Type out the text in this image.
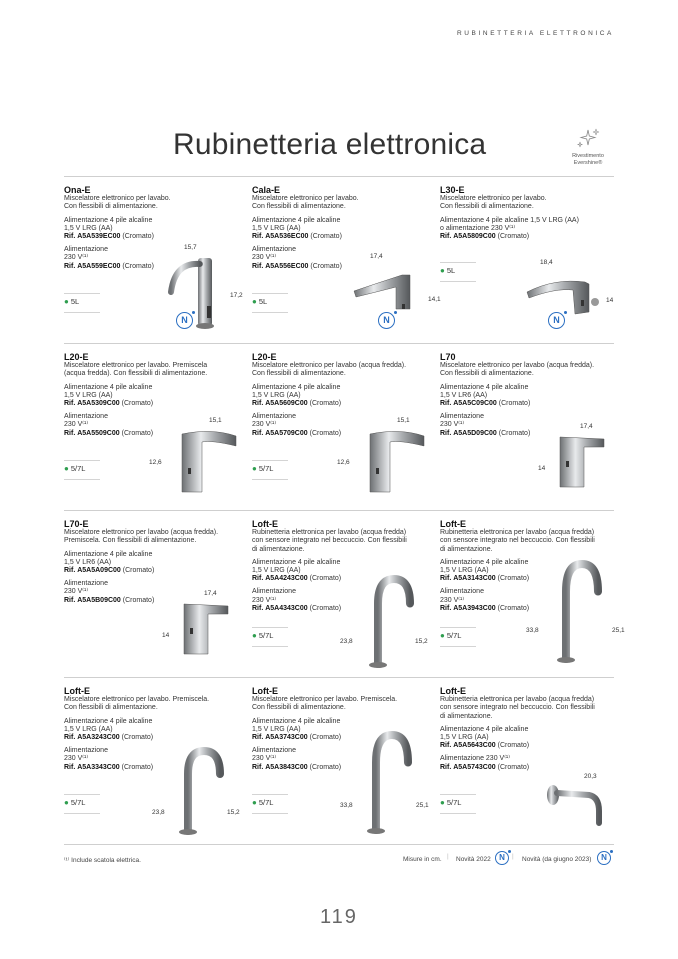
RUBINETTERIA ELETTRONICA
Rubinetteria elettronica	Rivestimento
Evershine®
Ona-E
Miscelatore elettronico per lavabo.
Con flessibili di alimentazione.
Alimentazione 4 pile alcaline
1,5 V LRG (AA)
Rif. A5A539EC00 (Cromato)
Alimentazione
230 V⁽¹⁾
Rif. A5A559EC00 (Cromato)
● 5L
15,7
17,2
N
Cala-E
Miscelatore elettronico per lavabo.
Con flessibili di alimentazione.
Alimentazione 4 pile alcaline
1,5 V LRG (AA)
Rif. A5A536EC00 (Cromato)
Alimentazione
230 V⁽¹⁾
Rif. A5A556EC00 (Cromato)
● 5L
17,4
14,1
N
L30-E
Miscelatore elettronico per lavabo.
Con flessibili di alimentazione.
Alimentazione 4 pile alcaline 1,5 V LRG (AA)
o alimentazione 230 V⁽¹⁾
Rif. A5A5809C00 (Cromato)
● 5L
18,4
14
N
L20-E
Miscelatore elettronico per lavabo. Premiscela
(acqua fredda). Con flessibili di alimentazione.
Alimentazione 4 pile alcaline
1,5 V LRG (AA)
Rif. A5A5309C00 (Cromato)
Alimentazione
230 V⁽¹⁾
Rif. A5A5509C00 (Cromato)
● 5/7L
15,1
12,6
L20-E
Miscelatore elettronico per lavabo (acqua fredda).
Con flessibili di alimentazione.
Alimentazione 4 pile alcaline
1,5 V LRG (AA)
Rif. A5A5609C00 (Cromato)
Alimentazione
230 V⁽¹⁾
Rif. A5A5709C00 (Cromato)
● 5/7L
15,1
12,6
L70
Miscelatore elettronico per lavabo (acqua fredda).
Con flessibili di alimentazione.
Alimentazione 4 pile alcaline
1,5 V LR6 (AA)
Rif. A5A5C09C00 (Cromato)
Alimentazione
230 V⁽¹⁾
Rif. A5A5D09C00 (Cromato)
17,4
14
L70-E
Miscelatore elettronico per lavabo (acqua fredda).
Premiscela. Con flessibili di alimentazione.
Alimentazione 4 pile alcaline
1,5 V LR6 (AA)
Rif. A5A5A09C00 (Cromato)
Alimentazione
230 V⁽¹⁾
Rif. A5A5B09C00 (Cromato)
17,4
14
Loft-E
Rubinetteria elettronica per lavabo (acqua fredda)
con sensore integrato nel beccuccio. Con flessibili
di alimentazione.
Alimentazione 4 pile alcaline
1,5 V LRG (AA)
Rif. A5A4243C00 (Cromato)
Alimentazione
230 V⁽¹⁾
Rif. A5A4343C00 (Cromato)
● 5/7L
23,8	15,2
Loft-E
Rubinetteria elettronica per lavabo (acqua fredda)
con sensore integrato nel beccuccio. Con flessibili
di alimentazione.
Alimentazione 4 pile alcaline
1,5 V LRG (AA)
Rif. A5A3143C00 (Cromato)
Alimentazione
230 V⁽¹⁾
Rif. A5A3943C00 (Cromato)
● 5/7L
33,8	25,1
Loft-E
Miscelatore elettronico per lavabo. Premiscela.
Con flessibili di alimentazione.
Alimentazione 4 pile alcaline
1,5 V LRG (AA)
Rif. A5A3243C00 (Cromato)
Alimentazione
230 V⁽¹⁾
Rif. A5A3343C00 (Cromato)
● 5/7L
23,8	15,2
Loft-E
Miscelatore elettronico per lavabo. Premiscela.
Con flessibili di alimentazione.
Alimentazione 4 pile alcaline
1,5 V LRG (AA)
Rif. A5A3743C00 (Cromato)
Alimentazione
230 V⁽¹⁾
Rif. A5A3843C00 (Cromato)
● 5/7L	33,8	25,1
Loft-E
Rubinetteria elettronica per lavabo (acqua fredda)
con sensore integrato nel beccuccio. Con flessibili
di alimentazione.
Alimentazione 4 pile alcaline
1,5 V LRG (AA)
Rif. A5A5643C00 (Cromato)
Alimentazione 230 V⁽¹⁾
Rif. A5A5743C00 (Cromato)
● 5/7L
20,3
⁽¹⁾ Include scatola elettrica.	Misure in cm. | Novità 2022	N	| Novità (da giugno 2023)	N
119
